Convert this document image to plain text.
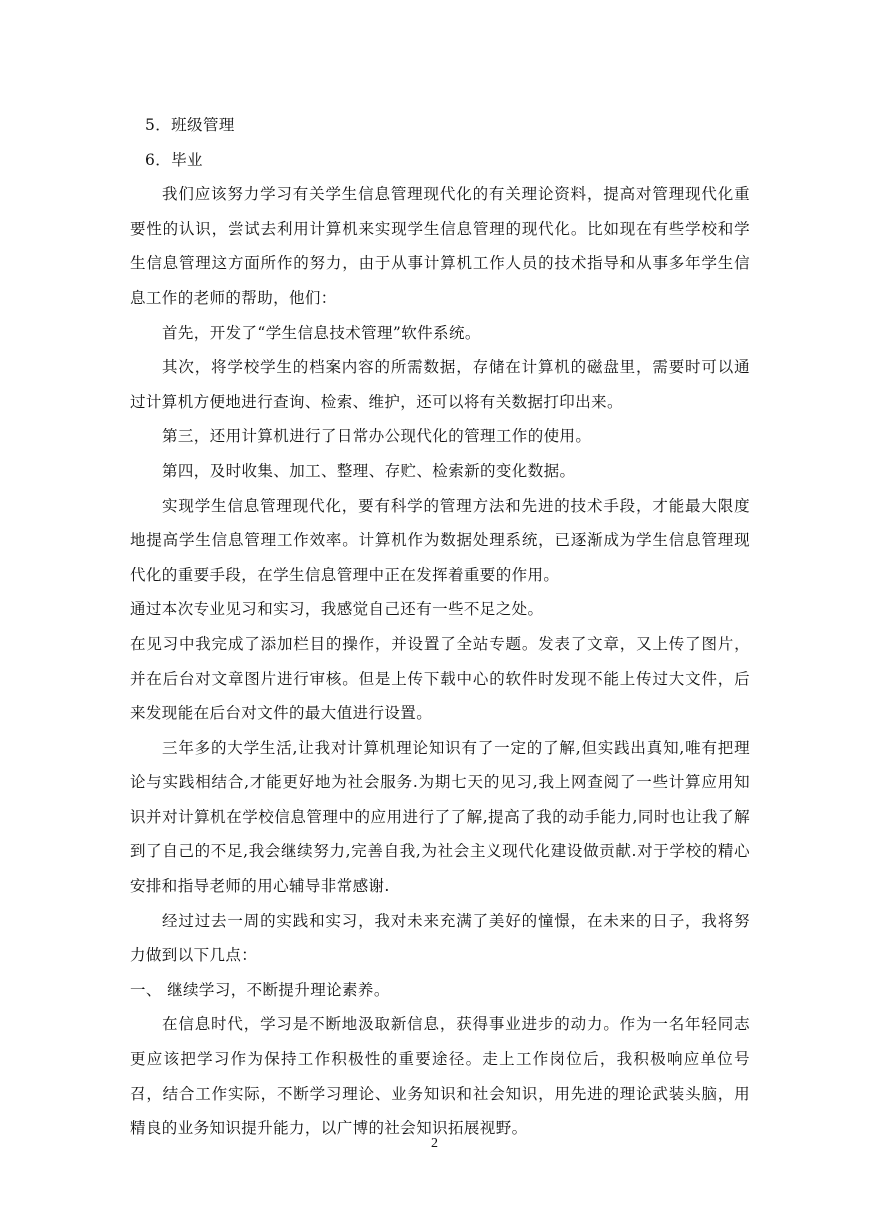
5．班级管理

6．毕业

我们应该努力学习有关学生信息管理现代化的有关理论资料，提高对管理现代化重要性的认识，尝试去利用计算机来实现学生信息管理的现代化。比如现在有些学校和学生信息管理这方面所作的努力，由于从事计算机工作人员的技术指导和从事多年学生信息工作的老师的帮助，他们：

首先，开发了“学生信息技术管理”软件系统。

其次，将学校学生的档案内容的所需数据，存储在计算机的磁盘里，需要时可以通过计算机方便地进行查询、检索、维护，还可以将有关数据打印出来。

第三，还用计算机进行了日常办公现代化的管理工作的使用。

第四，及时收集、加工、整理、存贮、检索新的变化数据。

实现学生信息管理现代化，要有科学的管理方法和先进的技术手段，才能最大限度地提高学生信息管理工作效率。计算机作为数据处理系统，已逐渐成为学生信息管理现代化的重要手段，在学生信息管理中正在发挥着重要的作用。

通过本次专业见习和实习，我感觉自己还有一些不足之处。

在见习中我完成了添加栏目的操作，并设置了全站专题。发表了文章，又上传了图片，并在后台对文章图片进行审核。但是上传下载中心的软件时发现不能上传过大文件，后来发现能在后台对文件的最大值进行设置。

三年多的大学生活,让我对计算机理论知识有了一定的了解,但实践出真知,唯有把理论与实践相结合,才能更好地为社会服务.为期七天的见习,我上网查阅了一些计算应用知识并对计算机在学校信息管理中的应用进行了了解,提高了我的动手能力,同时也让我了解到了自己的不足,我会继续努力,完善自我,为社会主义现代化建设做贡献.对于学校的精心安排和指导老师的用心辅导非常感谢.

经过过去一周的实践和实习，我对未来充满了美好的憧憬，在未来的日子，我将努力做到以下几点：

一、 继续学习，不断提升理论素养。

在信息时代，学习是不断地汲取新信息，获得事业进步的动力。作为一名年轻同志更应该把学习作为保持工作积极性的重要途径。走上工作岗位后，我积极响应单位号召，结合工作实际，不断学习理论、业务知识和社会知识，用先进的理论武装头脑，用精良的业务知识提升能力，以广博的社会知识拓展视野。

2
